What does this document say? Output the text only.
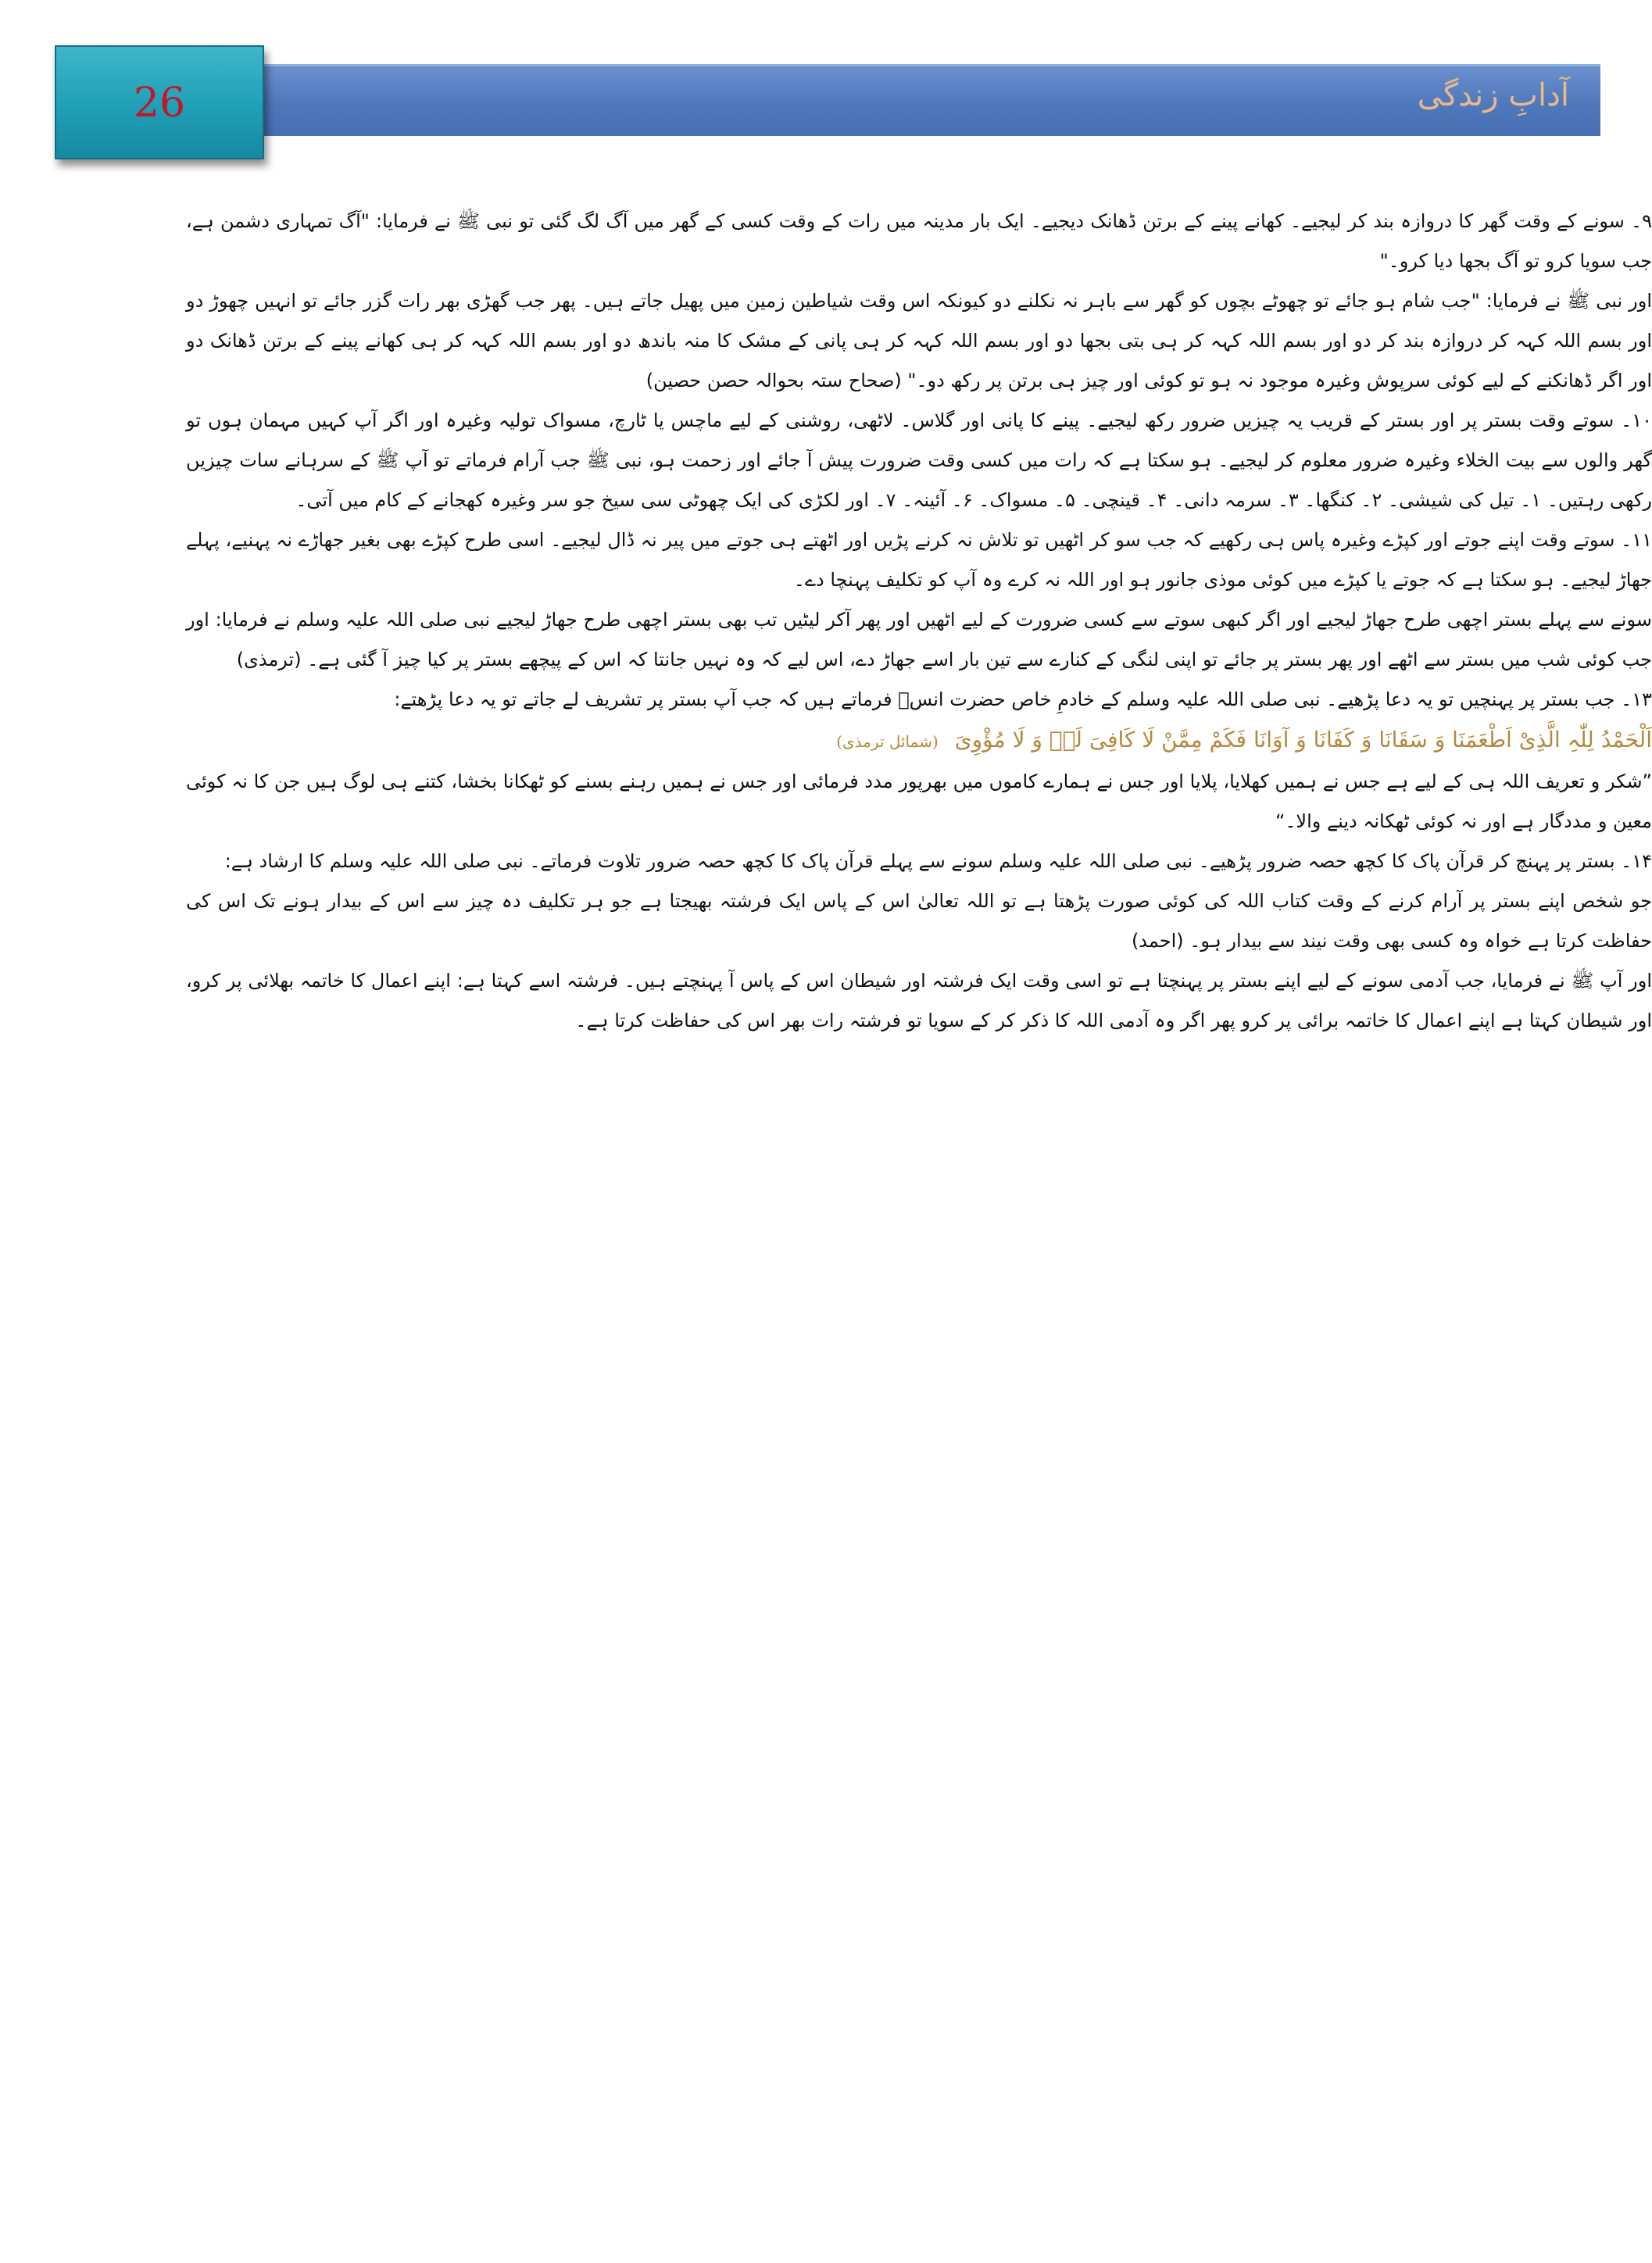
آدابِ زندگی
26

۹۔ سونے کے وقت گھر کا دروازہ بند کر لیجیے۔ کھانے پینے کے برتن ڈھانک دیجیے۔ ایک بار مدینہ میں رات کے وقت کسی کے گھر میں آگ لگ گئی تو نبی ﷺ نے فرمایا: "آگ تمہاری دشمن ہے، جب سویا کرو تو آگ بجھا دیا کرو۔"

اور نبی ﷺ نے فرمایا: "جب شام ہو جائے تو چھوٹے بچوں کو گھر سے باہر نہ نکلنے دو کیونکہ اس وقت شیاطین زمین میں پھیل جاتے ہیں۔ پھر جب گھڑی بھر رات گزر جائے تو انہیں چھوڑ دو اور بسم اللہ کہہ کر دروازہ بند کر دو اور بسم اللہ کہہ کر ہی بتی بجھا دو اور بسم اللہ کہہ کر ہی پانی کے مشک کا منہ باندھ دو اور بسم اللہ کہہ کر ہی کھانے پینے کے برتن ڈھانک دو اور اگر ڈھانکنے کے لیے کوئی سرپوش وغیرہ موجود نہ ہو تو کوئی اور چیز ہی برتن پر رکھ دو۔" (صحاح ستہ بحوالہ حصن حصین)

۱۰۔ سوتے وقت بستر پر اور بستر کے قریب یہ چیزیں ضرور رکھ لیجیے۔ پینے کا پانی اور گلاس۔ لاٹھی، روشنی کے لیے ماچس یا ٹارچ، مسواک تولیہ وغیرہ اور اگر آپ کہیں مہمان ہوں تو گھر والوں سے بیت الخلاء وغیرہ ضرور معلوم کر لیجیے۔ ہو سکتا ہے کہ رات میں کسی وقت ضرورت پیش آ جائے اور زحمت ہو، نبی ﷺ جب آرام فرماتے تو آپ ﷺ کے سرہانے سات چیزیں رکھی رہتیں۔ ۱۔ تیل کی شیشی۔ ۲۔ کنگھا۔ ۳۔ سرمہ دانی۔ ۴۔ قینچی۔ ۵۔ مسواک۔ ۶۔ آئینہ۔ ۷۔ اور لکڑی کی ایک چھوٹی سی سیخ جو سر وغیرہ کھجانے کے کام میں آتی۔

۱۱۔ سوتے وقت اپنے جوتے اور کپڑے وغیرہ پاس ہی رکھیے کہ جب سو کر اٹھیں تو تلاش نہ کرنے پڑیں اور اٹھتے ہی جوتے میں پیر نہ ڈال لیجیے۔ اسی طرح کپڑے بھی بغیر جھاڑے نہ پہنیے، پہلے جھاڑ لیجیے۔ ہو سکتا ہے کہ جوتے یا کپڑے میں کوئی موذی جانور ہو اور اللہ نہ کرے وہ آپ کو تکلیف پہنچا دے۔

سونے سے پہلے بستر اچھی طرح جھاڑ لیجیے اور اگر کبھی سوتے سے کسی ضرورت کے لیے اٹھیں اور پھر آکر لیٹیں تب بھی بستر اچھی طرح جھاڑ لیجیے نبی صلی اللہ علیہ وسلم نے فرمایا: اور جب کوئی شب میں بستر سے اٹھے اور پھر بستر پر جائے تو اپنی لنگی کے کنارے سے تین بار اسے جھاڑ دے، اس لیے کہ وہ نہیں جانتا کہ اس کے پیچھے بستر پر کیا چیز آ گئی ہے۔ (ترمذی)

۱۳۔ جب بستر پر پہنچیں تو یہ دعا پڑھیے۔ نبی صلی اللہ علیہ وسلم کے خادمِ خاص حضرت انسؓ فرماتے ہیں کہ جب آپ بستر پر تشریف لے جاتے تو یہ دعا پڑھتے:

اَلْحَمْدُ لِلّٰہِ الَّذِیْ اَطْعَمَنَا وَ سَقَانَا وَ کَفَانَا وَ آوَانَا فَکَمْ مِمَّنْ لَا کَافِیَ لَہٗ وَ لَا مُؤْوِیَ (شمائل ترمذی)

”شکر و تعریف اللہ ہی کے لیے ہے جس نے ہمیں کھلایا، پلایا اور جس نے ہمارے کاموں میں بھرپور مدد فرمائی اور جس نے ہمیں رہنے بسنے کو ٹھکانا بخشا، کتنے ہی لوگ ہیں جن کا نہ کوئی معین و مددگار ہے اور نہ کوئی ٹھکانہ دینے والا۔“

۱۴۔ بستر پر پہنچ کر قرآن پاک کا کچھ حصہ ضرور پڑھیے۔ نبی صلی اللہ علیہ وسلم سونے سے پہلے قرآن پاک کا کچھ حصہ ضرور تلاوت فرماتے۔ نبی صلی اللہ علیہ وسلم کا ارشاد ہے:

جو شخص اپنے بستر پر آرام کرنے کے وقت کتاب اللہ کی کوئی صورت پڑھتا ہے تو اللہ تعالیٰ اس کے پاس ایک فرشتہ بھیجتا ہے جو ہر تکلیف دہ چیز سے اس کے بیدار ہونے تک اس کی حفاظت کرتا ہے خواہ وہ کسی بھی وقت نیند سے بیدار ہو۔ (احمد)

اور آپ ﷺ نے فرمایا، جب آدمی سونے کے لیے اپنے بستر پر پہنچتا ہے تو اسی وقت ایک فرشتہ اور شیطان اس کے پاس آ پہنچتے ہیں۔ فرشتہ اسے کہتا ہے: اپنے اعمال کا خاتمہ بھلائی پر کرو، اور شیطان کہتا ہے اپنے اعمال کا خاتمہ برائی پر کرو پھر اگر وہ آدمی اللہ کا ذکر کر کے سویا تو فرشتہ رات بھر اس کی حفاظت کرتا ہے۔
